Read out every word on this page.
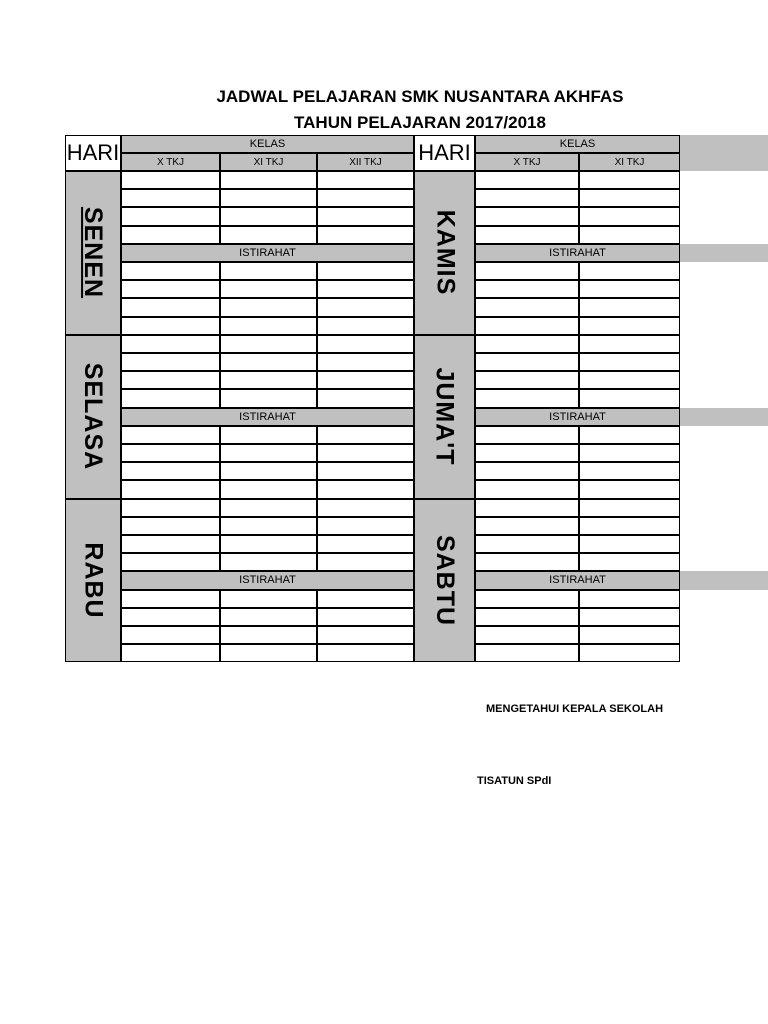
JADWAL PELAJARAN SMK NUSANTARA AKHFAS
TAHUN PELAJARAN 2017/2018
HARI	KELAS
X TKJ	XI TKJ	XII TKJ
SENEN	ISTIRAHAT
SELASA	ISTIRAHAT
RABU	ISTIRAHAT
HARI	KELAS
X TKJ	XI TKJ
KAMIS	ISTIRAHAT
JUMA'T	ISTIRAHAT
SABTU	ISTIRAHAT
MENGETAHUI KEPALA SEKOLAH
TISATUN SPdI
